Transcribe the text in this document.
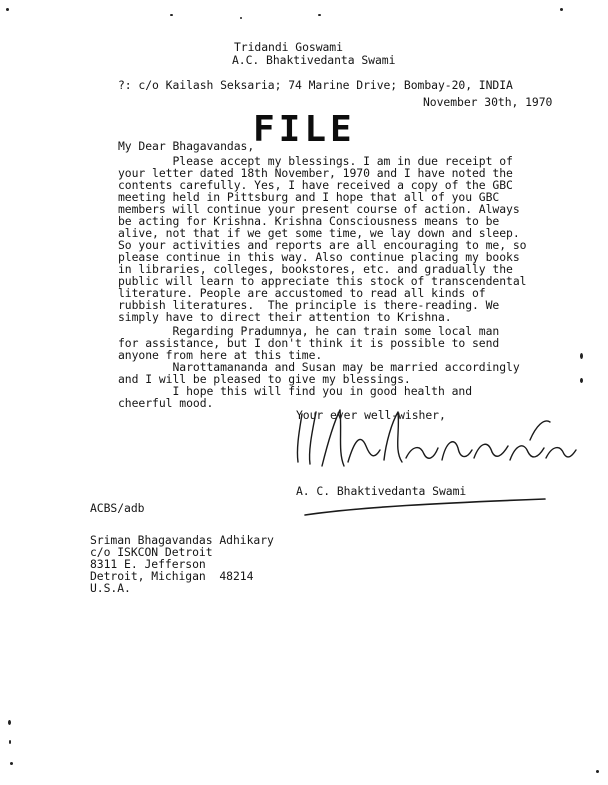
Tridandi Goswami
A.C. Bhaktivedanta Swami
?: c/o Kailash Seksaria; 74 Marine Drive; Bombay-20, INDIA
November 30th, 1970
FILE
My Dear Bhagavandas,
Please accept my blessings. I am in due receipt of
your letter dated 18th November, 1970 and I have noted the
contents carefully. Yes, I have received a copy of the GBC
meeting held in Pittsburg and I hope that all of you GBC
members will continue your present course of action. Always
be acting for Krishna. Krishna Consciousness means to be
alive, not that if we get some time, we lay down and sleep.
So your activities and reports are all encouraging to me, so
please continue in this way. Also continue placing my books
in libraries, colleges, bookstores, etc. and gradually the
public will learn to appreciate this stock of transcendental
literature. People are accustomed to read all kinds of
rubbish literatures.  The principle is there-reading. We
simply have to direct their attention to Krishna.
Regarding Pradumnya, he can train some local man
for assistance, but I don't think it is possible to send
anyone from here at this time.
Narottamananda and Susan may be married accordingly
and I will be pleased to give my blessings.
I hope this will find you in good health and
cheerful mood.
Your ever well-wisher,
A. C. Bhaktivedanta Swami
ACBS/adb
Sriman Bhagavandas Adhikary
c/o ISKCON Detroit
8311 E. Jefferson
Detroit, Michigan  48214
U.S.A.
